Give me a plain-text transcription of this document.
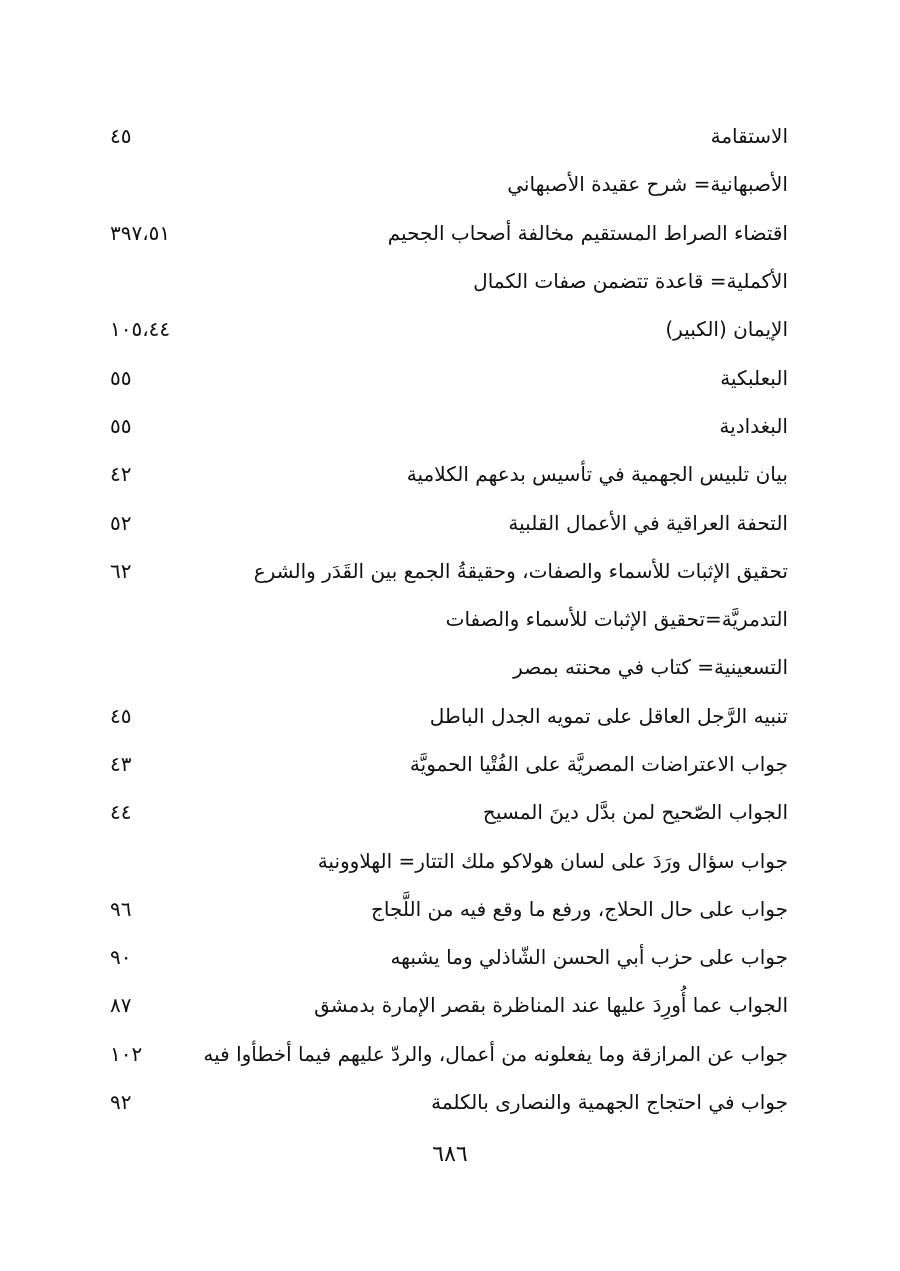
الاستقامة
٤٥
الأصبهانية= شرح عقيدة الأصبهاني
اقتضاء الصراط المستقيم مخالفة أصحاب الجحيم
٣٩٧،٥١
الأكملية= قاعدة تتضمن صفات الكمال
الإيمان (الكبير)
١٠٥،٤٤
البعلبكية
٥٥
البغدادية
٥٥
بيان تلبيس الجهمية في تأسيس بدعهم الكلامية
٤٢
التحفة العراقية في الأعمال القلبية
٥٢
تحقيق الإثبات للأسماء والصفات، وحقيقةُ الجمع بين القَدَر والشرع
٦٢
التدمريَّة=تحقيق الإثبات للأسماء والصفات
التسعينية= كتاب في محنته بمصر
تنبيه الرَّجل العاقل على تمويه الجدل الباطل
٤٥
جواب الاعتراضات المصريَّة على الفُتْيا الحمويَّة
٤٣
الجواب الصّحيح لمن بدَّل دينَ المسيح
٤٤
جواب سؤال ورَدَ على لسان هولاكو ملك التتار= الهلاوونية
جواب على حال الحلاج، ورفع ما وقع فيه من اللَّجاج
٩٦
جواب على حزب أبي الحسن الشّاذلي وما يشبهه
٩٠
الجواب عما أُورِدَ عليها عند المناظرة بقصر الإمارة بدمشق
٨٧
جواب عن المرازقة وما يفعلونه من أعمال، والردّ عليهم فيما أخطأوا فيه
١٠٢
جواب في احتجاج الجهمية والنصارى بالكلمة
٩٢
٦٨٦
